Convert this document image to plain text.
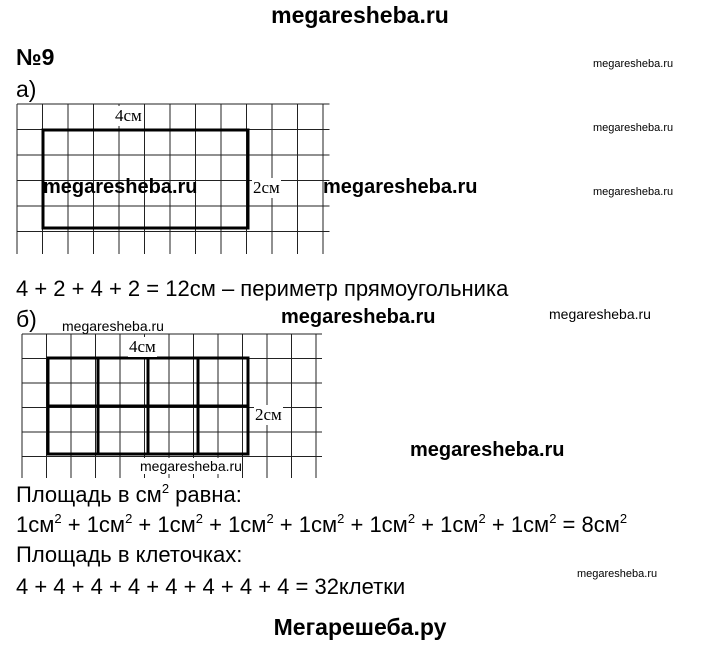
megaresheba.ru
№9	megaresheba.ru
а)
4см
2см
megaresheba.ru	megaresheba.ru
megaresheba.ru
megaresheba.ru
4 + 2 + 4 + 2 = 12см – периметр прямоугольника
б) megaresheba.ru	megaresheba.ru	megaresheba.ru
4см
2см
megaresheba.ru
megaresheba.ru
Площадь в $см^2$ равна:
$1см^2 + 1см^2 + 1см^2 + 1см^2 + 1см^2 + 1см^2 + 1см^2 + 1см^2 = 8см^2$
Площадь в клеточках:
4 + 4 + 4 + 4 + 4 + 4 + 4 + 4 = 32клетки	megaresheba.ru
Мегарешеба.ру
